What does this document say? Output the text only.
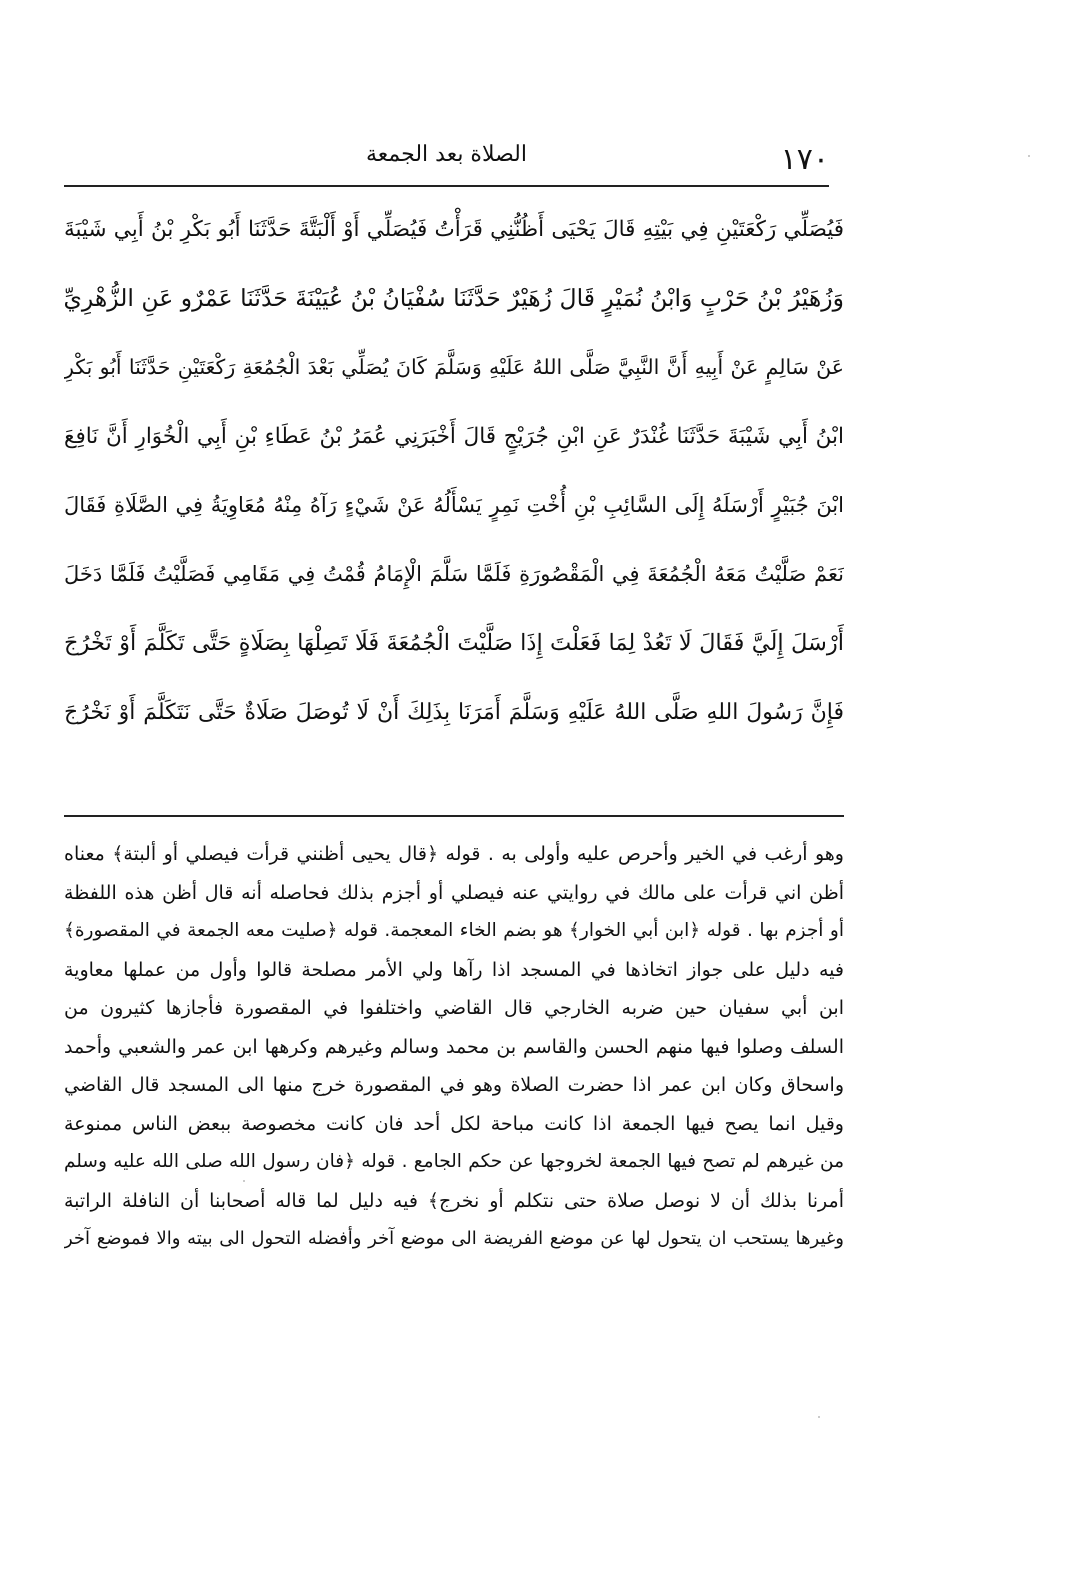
١٧٠
الصلاة بعد الجمعة
فَيُصَلِّي رَكْعَتَيْنِ فِي بَيْتِهِ قَالَ يَحْيَى أَظُنُّنِي قَرَأْتُ فَيُصَلِّي أَوْ أَلْبَتَّةَ حَدَّثَنَا أَبُو بَكْرِ بْنُ أَبِي شَيْبَةَ
وَزُهَيْرُ بْنُ حَرْبٍ وَابْنُ نُمَيْرٍ قَالَ زُهَيْرٌ حَدَّثَنَا سُفْيَانُ بْنُ عُيَيْنَةَ حَدَّثَنَا عَمْرٌو عَنِ الزُّهْرِيِّ
عَنْ سَالِمٍ عَنْ أَبِيهِ أَنَّ النَّبِيَّ صَلَّى اللهُ عَلَيْهِ وَسَلَّمَ كَانَ يُصَلِّي بَعْدَ الْجُمُعَةِ رَكْعَتَيْنِ حَدَّثَنَا أَبُو بَكْرِ
ابْنُ أَبِي شَيْبَةَ حَدَّثَنَا غُنْدَرٌ عَنِ ابْنِ جُرَيْجٍ قَالَ أَخْبَرَنِي عُمَرُ بْنُ عَطَاءِ بْنِ أَبِي الْخُوَارِ أَنَّ نَافِعَ
ابْنَ جُبَيْرٍ أَرْسَلَهُ إِلَى السَّائِبِ بْنِ أُخْتِ نَمِرٍ يَسْأَلُهُ عَنْ شَيْءٍ رَآهُ مِنْهُ مُعَاوِيَةُ فِي الصَّلَاةِ فَقَالَ
نَعَمْ صَلَّيْتُ مَعَهُ الْجُمُعَةَ فِي الْمَقْصُورَةِ فَلَمَّا سَلَّمَ الْإِمَامُ قُمْتُ فِي مَقَامِي فَصَلَّيْتُ فَلَمَّا دَخَلَ
أَرْسَلَ إِلَيَّ فَقَالَ لَا تَعُدْ لِمَا فَعَلْتَ إِذَا صَلَّيْتَ الْجُمُعَةَ فَلَا تَصِلْهَا بِصَلَاةٍ حَتَّى تَكَلَّمَ أَوْ تَخْرُجَ
فَإِنَّ رَسُولَ اللهِ صَلَّى اللهُ عَلَيْهِ وَسَلَّمَ أَمَرَنَا بِذَلِكَ أَنْ لَا تُوصَلَ صَلَاةٌ حَتَّى نَتَكَلَّمَ أَوْ نَخْرُجَ
وهو أرغب في الخير وأحرص عليه وأولى به . قوله ﴿قال يحيى أظنني قرأت فيصلي أو ألبتة﴾ معناه
أظن اني قرأت على مالك في روايتي عنه فيصلي أو أجزم بذلك فحاصله أنه قال أظن هذه اللفظة
أو أجزم بها . قوله ﴿ابن أبي الخوار﴾ هو بضم الخاء المعجمة. قوله ﴿صليت معه الجمعة في المقصورة﴾
فيه دليل على جواز اتخاذها في المسجد اذا رآها ولي الأمر مصلحة قالوا وأول من عملها معاوية
ابن أبي سفيان حين ضربه الخارجي قال القاضي واختلفوا في المقصورة فأجازها كثيرون من
السلف وصلوا فيها منهم الحسن والقاسم بن محمد وسالم وغيرهم وكرهها ابن عمر والشعبي وأحمد
واسحاق وكان ابن عمر اذا حضرت الصلاة وهو في المقصورة خرج منها الى المسجد قال القاضي
وقيل انما يصح فيها الجمعة اذا كانت مباحة لكل أحد فان كانت مخصوصة ببعض الناس ممنوعة
من غيرهم لم تصح فيها الجمعة لخروجها عن حكم الجامع . قوله ﴿فان رسول الله صلى الله عليه وسلم
أمرنا بذلك أن لا نوصل صلاة حتى نتكلم أو نخرج﴾ فيه دليل لما قاله أصحابنا أن النافلة الراتبة
وغيرها يستحب ان يتحول لها عن موضع الفريضة الى موضع آخر وأفضله التحول الى بيته والا فموضع آخر
